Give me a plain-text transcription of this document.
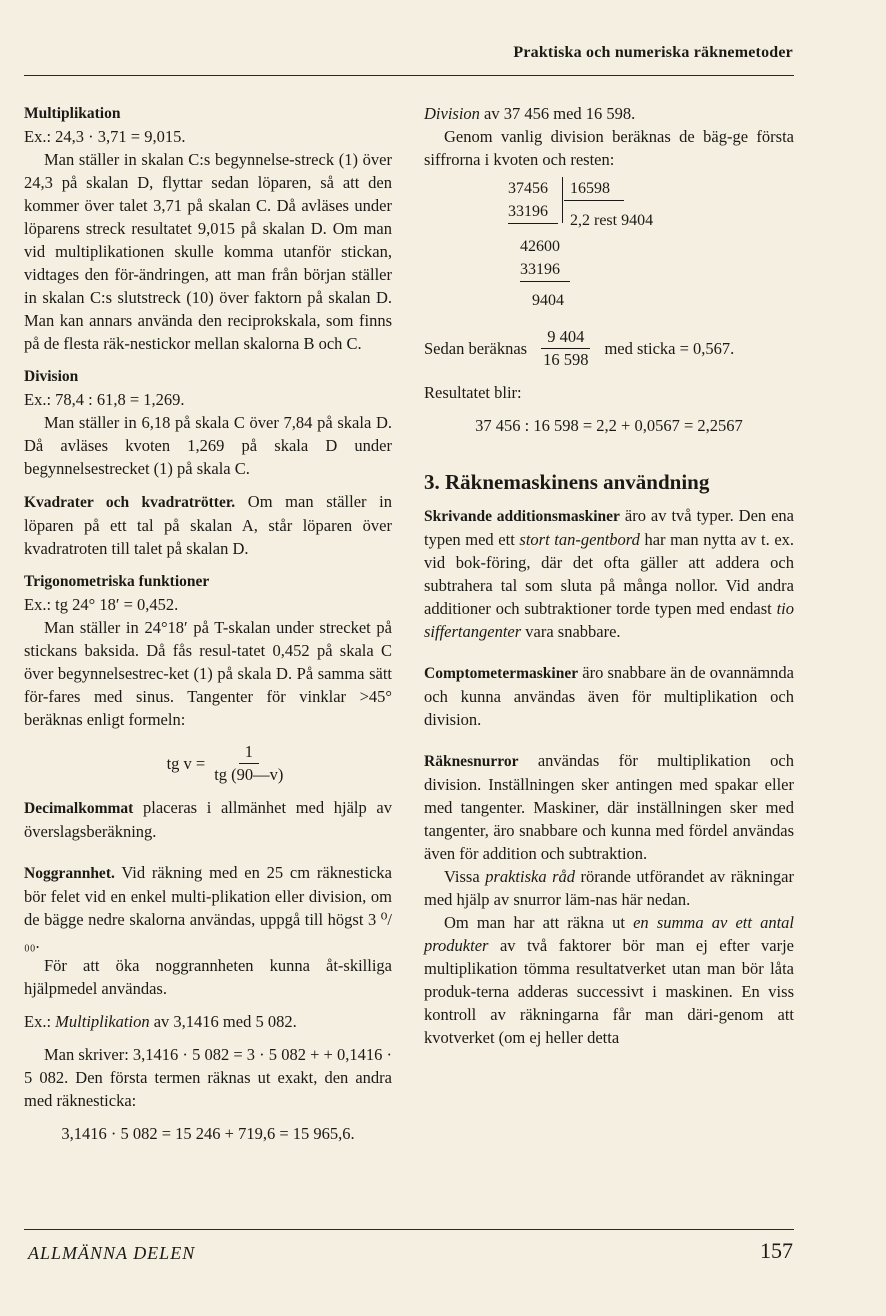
Praktiska och numeriska räknemetoder

Multiplikation

Ex.: 24,3 · 3,71 = 9,015.

Man ställer in skalan C:s begynnelse-streck (1) över 24,3 på skalan D, flyttar sedan löparen, så att den kommer över talet 3,71 på skalan C. Då avläses under löparens streck resultatet 9,015 på skalan D. Om man vid multiplikationen skulle komma utanför stickan, vidtages den för-ändringen, att man från början ställer in skalan C:s slutstreck (10) över faktorn på skalan D. Man kan annars använda den reciprokskala, som finns på de flesta räk-nestickor mellan skalorna B och C.

Division

Ex.: 78,4 : 61,8 = 1,269.

Man ställer in 6,18 på skala C över 7,84 på skala D. Då avläses kvoten 1,269 på skala D under begynnelsestrecket (1) på skala C.

Kvadrater och kvadratrötter. Om man ställer in löparen på ett tal på skalan A, står löparen över kvadratroten till talet på skalan D.

Trigonometriska funktioner

Ex.: tg 24° 18′ = 0,452.

Man ställer in 24°18′ på T-skalan under strecket på stickans baksida. Då fås resul-tatet 0,452 på skala C över begynnelsestrec-ket (1) på skala D. På samma sätt för-fares med sinus. Tangenter för vinklar >45° beräknas enligt formeln:

tg $v = \frac{1}{tg (90—v)}$

Decimalkommat placeras i allmänhet med hjälp av överslagsberäkning.

Noggrannhet. Vid räkning med en 25 cm räknesticka bör felet vid en enkel multi-plikation eller division, om de bägge nedre skalorna användas, uppgå till högst 3 ⁰/₀₀.

För att öka noggrannheten kunna åt-skilliga hjälpmedel användas.

Ex.: Multiplikation av 3,1416 med 5 082.

Man skriver: 3,1416 · 5 082 = 3 · 5 082 + + 0,1416 · 5 082. Den första termen räknas ut exakt, den andra med räknesticka:

3,1416 · 5 082 = 15 246 + 719,6 = 15 965,6.

Division av 37 456 med 16 598.

Genom vanlig division beräknas de bäg-ge första siffrorna i kvoten och resten:

37456 16598
33196
2,2 rest 9404
42600
33196
9404
Sedan beräknas $\frac{9 404}{16 598}$ med sticka = 0,567.

Resultatet blir:

37 456 : 16 598 = 2,2 + 0,0567 = 2,2567

3. Räknemaskinens användning

Skrivande additionsmaskiner äro av två typer. Den ena typen med ett stort tan-gentbord har man nytta av t. ex. vid bok-föring, där det ofta gäller att addera och subtrahera tal som sluta på många nollor. Vid andra additioner och subtraktioner torde typen med endast tio siffertangenter vara snabbare.

Comptometermaskiner äro snabbare än de ovannämnda och kunna användas även för multiplikation och division.

Räknesnurror användas för multiplikation och division. Inställningen sker antingen med spakar eller med tangenter. Maskiner, där inställningen sker med tangenter, äro snabbare och kunna med fördel användas även för addition och subtraktion.

Vissa praktiska råd rörande utförandet av räkningar med hjälp av snurror läm-nas här nedan.

Om man har att räkna ut en summa av ett antal produkter av två faktorer bör man ej efter varje multiplikation tömma resultatverket utan man bör låta produk-terna adderas successivt i maskinen. En viss kontroll av räkningarna får man däri-genom att kvotverket (om ej heller detta

ALLMÄNNA DELEN	157
